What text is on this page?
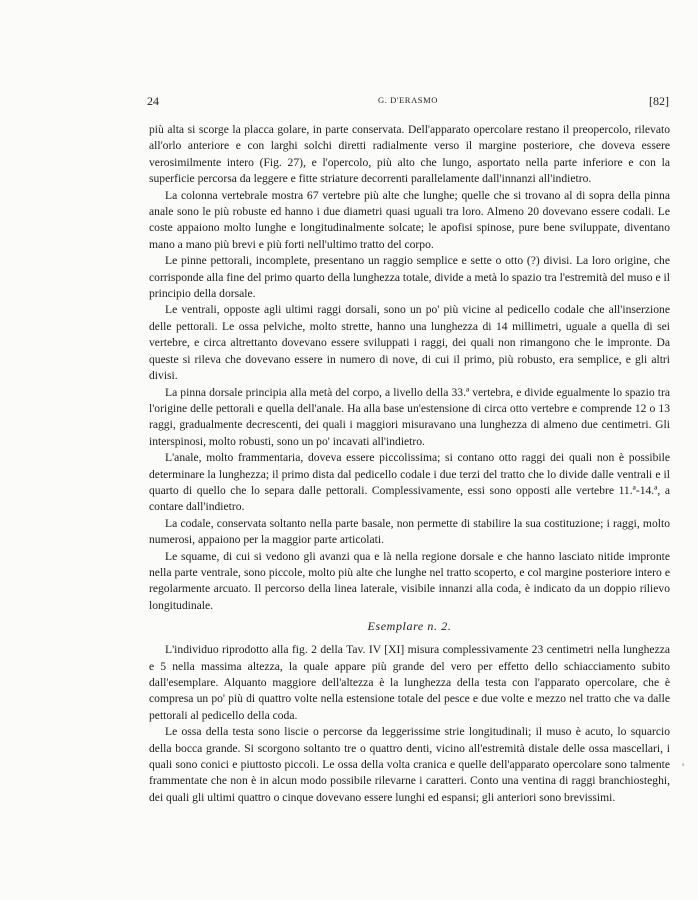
24	G. D'ERASMO	[82]

più alta si scorge la placca golare, in parte conservata. Dell'apparato opercolare restano il preopercolo, rilevato all'orlo anteriore e con larghi solchi diretti radialmente verso il margine posteriore, che doveva essere verosimilmente intero (Fig. 27), e l'opercolo, più alto che lungo, asportato nella parte inferiore e con la superficie percorsa da leggere e fitte striature decorrenti parallelamente dall'innanzi all'indietro.

La colonna vertebrale mostra 67 vertebre più alte che lunghe; quelle che si trovano al di sopra della pinna anale sono le più robuste ed hanno i due diametri quasi uguali tra loro. Almeno 20 dovevano essere codali. Le coste appaiono molto lunghe e longitudinalmente solcate; le apofisi spinose, pure bene sviluppate, diventano mano a mano più brevi e più forti nell'ultimo tratto del corpo.

Le pinne pettorali, incomplete, presentano un raggio semplice e sette o otto (?) divisi. La loro origine, che corrisponde alla fine del primo quarto della lunghezza totale, divide a metà lo spazio tra l'estremità del muso e il principio della dorsale.

Le ventrali, opposte agli ultimi raggi dorsali, sono un po' più vicine al pedicello codale che all'inserzione delle pettorali. Le ossa pelviche, molto strette, hanno una lunghezza di 14 millimetri, uguale a quella di sei vertebre, e circa altrettanto dovevano essere sviluppati i raggi, dei quali non rimangono che le impronte. Da queste si rileva che dovevano essere in numero di nove, di cui il primo, più robusto, era semplice, e gli altri divisi.

La pinna dorsale principia alla metà del corpo, a livello della 33.ª vertebra, e divide egualmente lo spazio tra l'origine delle pettorali e quella dell'anale. Ha alla base un'estensione di circa otto vertebre e comprende 12 o 13 raggi, gradualmente decrescenti, dei quali i maggiori misuravano una lunghezza di almeno due centimetri. Gli interspinosi, molto robusti, sono un po' incavati all'indietro.

L'anale, molto frammentaria, doveva essere piccolissima; si contano otto raggi dei quali non è possibile determinare la lunghezza; il primo dista dal pedicello codale i due terzi del tratto che lo divide dalle ventrali e il quarto di quello che lo separa dalle pettorali. Complessivamente, essi sono opposti alle vertebre 11.ª-14.ª, a contare dall'indietro.

La codale, conservata soltanto nella parte basale, non permette di stabilire la sua costituzione; i raggi, molto numerosi, appaiono per la maggior parte articolati.

Le squame, di cui si vedono gli avanzi qua e là nella regione dorsale e che hanno lasciato nitide impronte nella parte ventrale, sono piccole, molto più alte che lunghe nel tratto scoperto, e col margine posteriore intero e regolarmente arcuato. Il percorso della linea laterale, visibile innanzi alla coda, è indicato da un doppio rilievo longitudinale.

Esemplare n. 2.

L'individuo riprodotto alla fig. 2 della Tav. IV [XI] misura complessivamente 23 centimetri nella lunghezza e 5 nella massima altezza, la quale appare più grande del vero per effetto dello schiacciamento subito dall'esemplare. Alquanto maggiore dell'altezza è la lunghezza della testa con l'apparato opercolare, che è compresa un po' più di quattro volte nella estensione totale del pesce e due volte e mezzo nel tratto che va dalle pettorali al pedicello della coda.

Le ossa della testa sono liscie o percorse da leggerissime strie longitudinali; il muso è acuto, lo squarcio della bocca grande. Si scorgono soltanto tre o quattro denti, vicino all'estremità distale delle ossa mascellari, i quali sono conici e piuttosto piccoli. Le ossa della volta cranica e quelle dell'apparato opercolare sono talmente frammentate che non è in alcun modo possibile rilevarne i caratteri. Conto una ventina di raggi branchiosteghi, dei quali gli ultimi quattro o cinque dovevano essere lunghi ed espansi; gli anteriori sono brevissimi.

'
